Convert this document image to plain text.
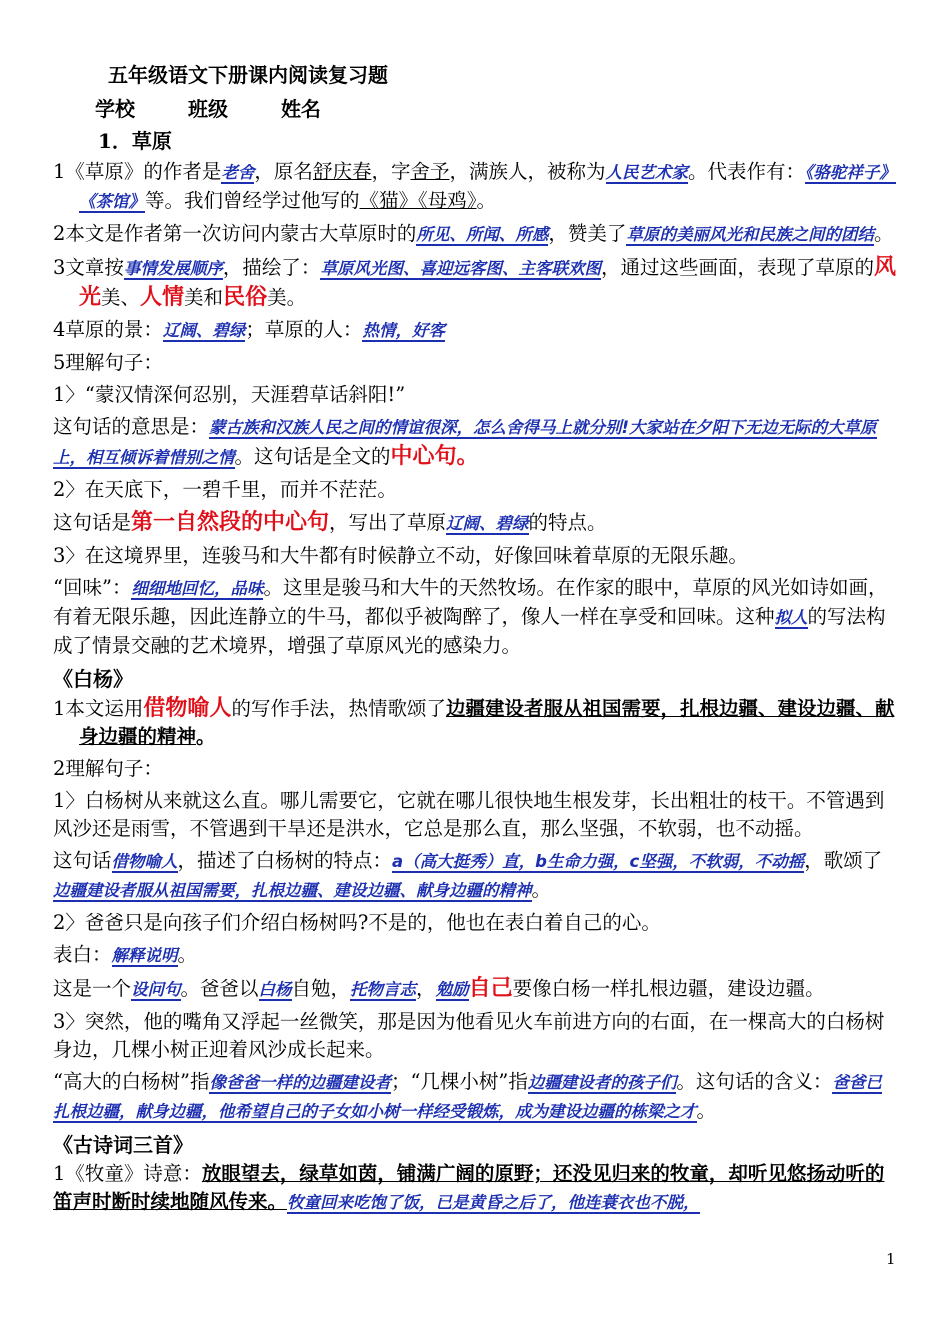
五年级语文下册课内阅读复习题
学校	班级	姓名
1．草原

1《草原》的作者是老舍，原名舒庆春，字舍予，满族人，被称为人民艺术家。代表作有：《骆驼祥子》《茶馆》等。我们曾经学过他写的《猫》《母鸡》。

2本文是作者第一次访问内蒙古大草原时的所见、所闻、所感，赞美了草原的美丽风光和民族之间的团结。

3文章按事情发展顺序，描绘了：草原风光图、喜迎远客图、主客联欢图，通过这些画面，表现了草原的风光美、人情美和民俗美。

4草原的景：辽阔、碧绿；草原的人：热情，好客

5理解句子：

1〉“蒙汉情深何忍别，天涯碧草话斜阳!”

这句话的意思是：蒙古族和汉族人民之间的情谊很深，怎么舍得马上就分别!大家站在夕阳下无边无际的大草原上，相互倾诉着惜别之情。这句话是全文的中心句。

2〉在天底下，一碧千里，而并不茫茫。

这句话是第一自然段的中心句，写出了草原辽阔、碧绿的特点。

3〉在这境界里，连骏马和大牛都有时候静立不动，好像回味着草原的无限乐趣。

“回味”：细细地回忆，品味。这里是骏马和大牛的天然牧场。在作家的眼中，草原的风光如诗如画，有着无限乐趣，因此连静立的牛马，都似乎被陶醉了，像人一样在享受和回味。这种拟人的写法构成了情景交融的艺术境界，增强了草原风光的感染力。

《白杨》

1本文运用借物喻人的写作手法，热情歌颂了边疆建设者服从祖国需要，扎根边疆、建设边疆、献身边疆的精神。

2理解句子：

1〉白杨树从来就这么直。哪儿需要它，它就在哪儿很快地生根发芽，长出粗壮的枝干。不管遇到风沙还是雨雪，不管遇到干旱还是洪水，它总是那么直，那么坚强，不软弱，也不动摇。

这句话借物喻人，描述了白杨树的特点：a（高大挺秀）直，b生命力强，c坚强，不软弱，不动摇，歌颂了边疆建设者服从祖国需要，扎根边疆、建设边疆、献身边疆的精神。

2〉爸爸只是向孩子们介绍白杨树吗?不是的，他也在表白着自己的心。

表白：解释说明。

这是一个设问句。爸爸以白杨自勉，托物言志，勉励自己要像白杨一样扎根边疆，建设边疆。

3〉突然，他的嘴角又浮起一丝微笑，那是因为他看见火车前进方向的右面，在一棵高大的白杨树身边，几棵小树正迎着风沙成长起来。

“高大的白杨树”指像爸爸一样的边疆建设者；“几棵小树”指边疆建设者的孩子们。这句话的含义：爸爸已扎根边疆，献身边疆，他希望自己的子女如小树一样经受锻炼，成为建设边疆的栋梁之才。

《古诗词三首》

1《牧童》诗意：放眼望去，绿草如茵，铺满广阔的原野；还没见归来的牧童，却听见悠扬动听的笛声时断时续地随风传来。牧童回来吃饱了饭，已是黄昏之后了，他连蓑衣也不脱，

1
